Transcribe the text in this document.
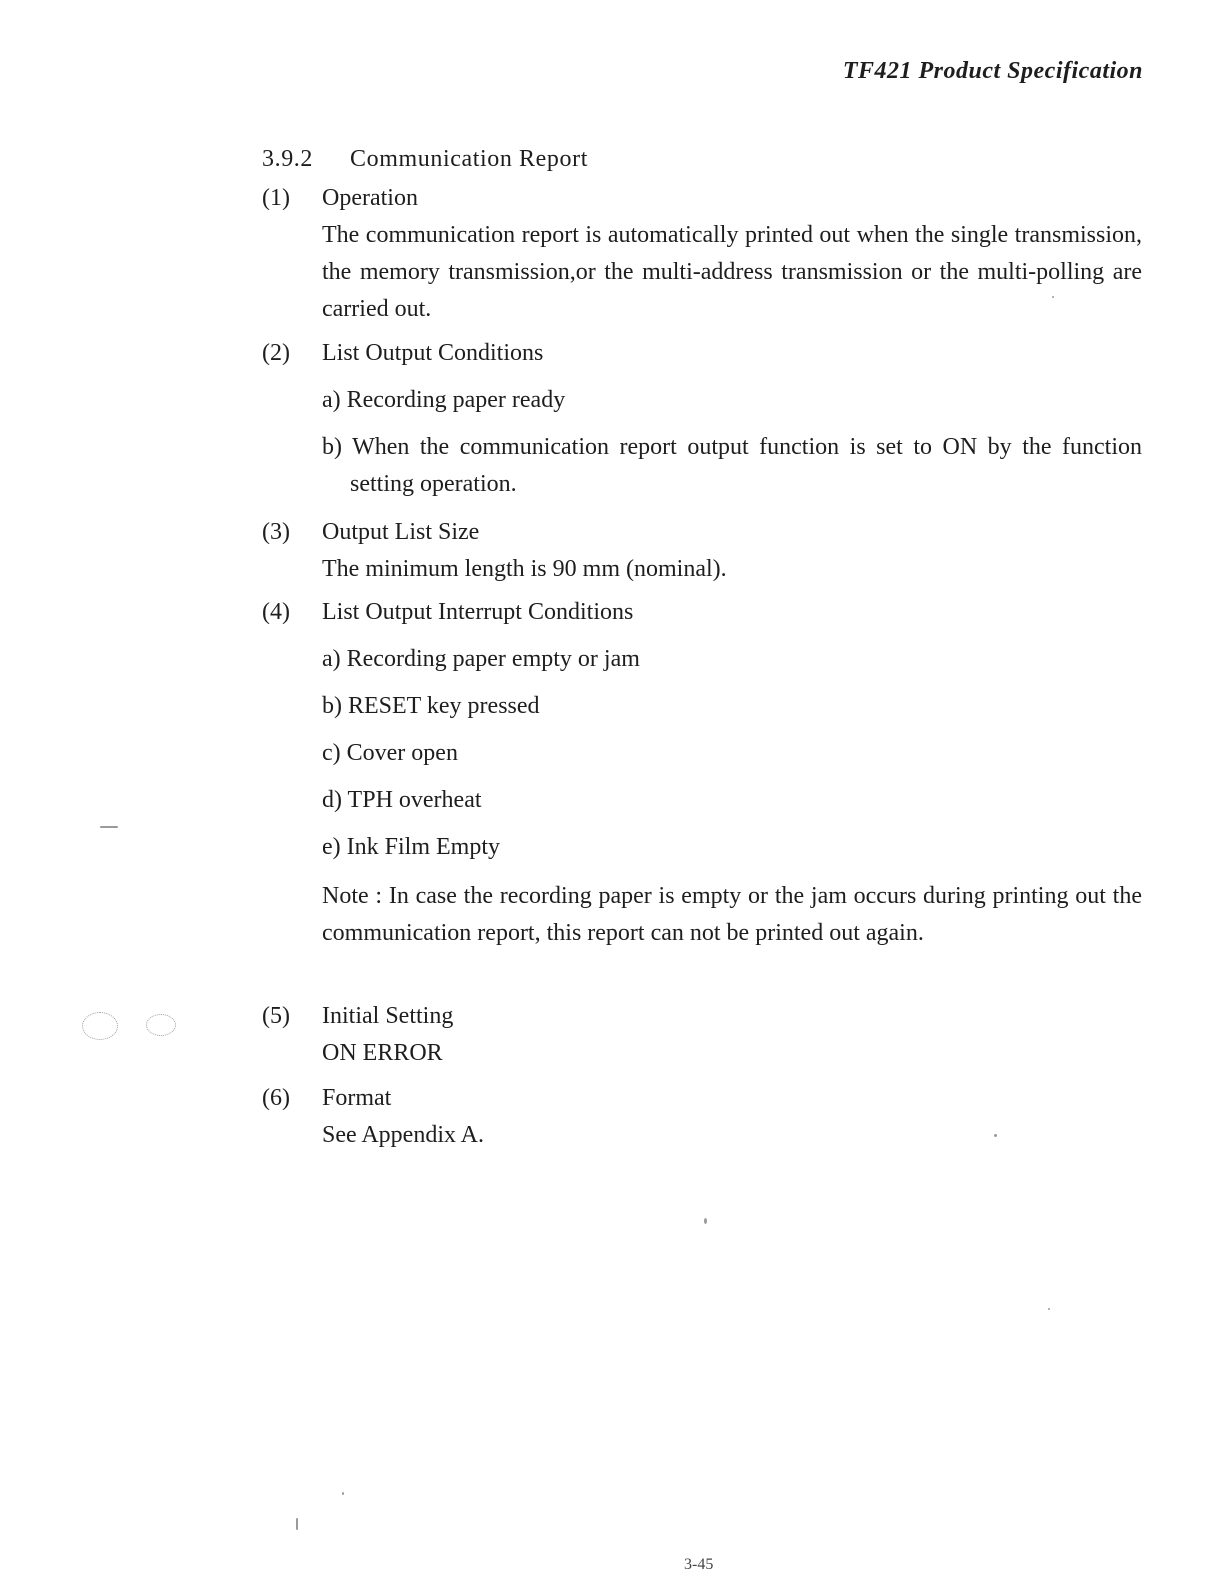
TF421 Product Specification
3.9.2 Communication Report
(1)	Operation
The communication report is automatically printed out when the single transmission, the memory transmission,or the multi-address transmission or the multi-polling are carried out.
(2)	List Output Conditions
a) Recording paper ready
b) When the communication report output function is set to ON by the function setting operation.
(3)	Output List Size
The minimum length is 90 mm (nominal).
(4)	List Output Interrupt Conditions
a) Recording paper empty or jam
b) RESET key pressed
c) Cover open
d) TPH overheat
e) Ink Film Empty
Note : In case the recording paper is empty or the jam occurs during printing out the communication report, this report can not be printed out again.
(5)	Initial Setting
ON ERROR
(6)	Format
See Appendix A.
3-45
